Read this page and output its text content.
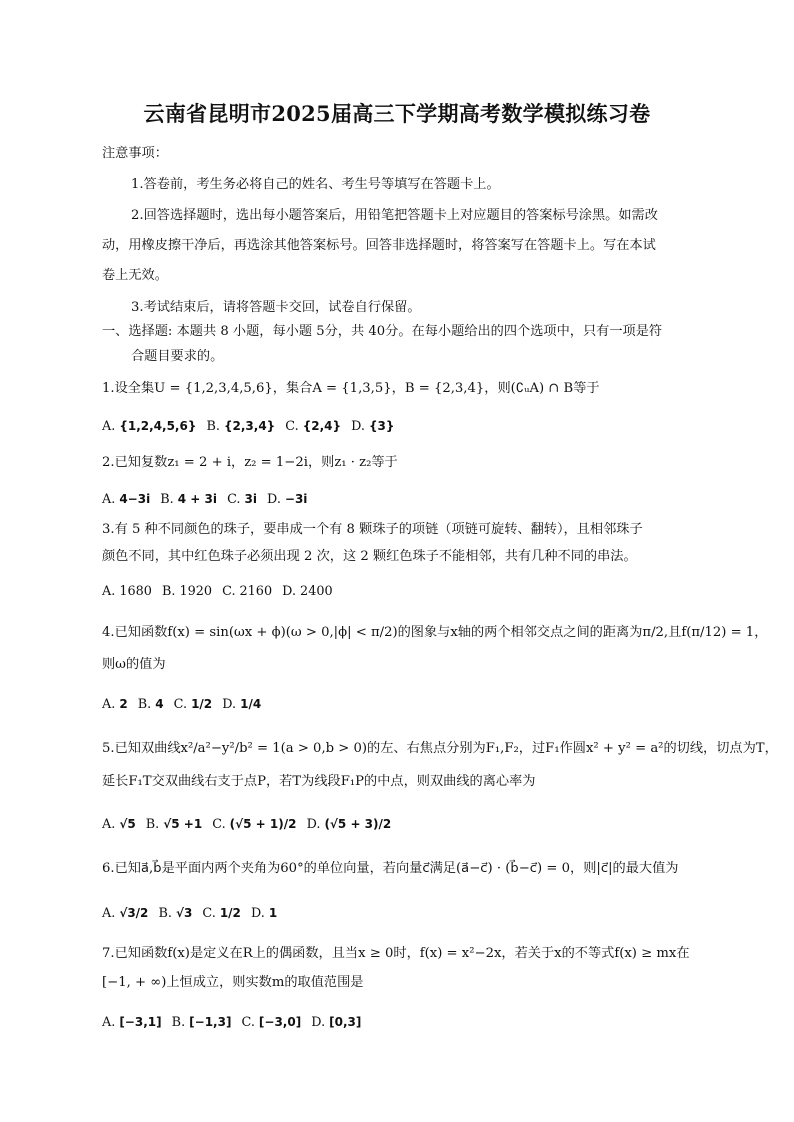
云南省昆明市2025届高三下学期高考数学模拟练习卷
注意事项：
1.答卷前，考生务必将自己的姓名、考生号等填写在答题卡上。
2.回答选择题时，选出每小题答案后，用铅笔把答题卡上对应题目的答案标号涂黑。如需改
动，用橡皮擦干净后，再选涂其他答案标号。回答非选择题时，将答案写在答题卡上。写在本试
卷上无效。
3.考试结束后，请将答题卡交回，试卷自行保留。
一、选择题: 本题共 8 小题，每小题 5分，共 40分。在每小题给出的四个选项中，只有一项是符
合题目要求的。
1.设全集U = {1,2,3,4,5,6}，集合A = {1,3,5}，B = {2,3,4}，则(∁ᵤA) ∩ B等于
A. {1,2,4,5,6} B. {2,3,4} C. {2,4} D. {3}
2.已知复数z₁ = 2 + i，z₂ = 1−2i，则z₁ · z₂等于
A. 4−3i B. 4 + 3i C. 3i D. −3i
3.有 5 种不同颜色的珠子，要串成一个有 8 颗珠子的项链（项链可旋转、翻转），且相邻珠子
颜色不同，其中红色珠子必须出现 2 次，这 2 颗红色珠子不能相邻，共有几种不同的串法。
A. 1680 B. 1920 C. 2160 D. 2400
4.已知函数f(x) = sin(ωx + ϕ)(ω > 0,|ϕ| < π/2)的图象与x轴的两个相邻交点之间的距离为π/2,且f(π/12) = 1，
则ω的值为
A. 2 B. 4 C. 1/2 D. 1/4
5.已知双曲线x²/a²−y²/b² = 1(a > 0,b > 0)的左、右焦点分别为F₁,F₂，过F₁作圆x² + y² = a²的切线，切点为T，
延长F₁T交双曲线右支于点P，若T为线段F₁P的中点，则双曲线的离心率为
A. √5 B. √5 +1 C. (√5 + 1)/2 D. (√5 + 3)/2
6.已知a⃗,b⃗是平面内两个夹角为60°的单位向量，若向量c⃗满足(a⃗−c⃗) · (b⃗−c⃗) = 0，则|c⃗|的最大值为
A. √3/2 B. √3 C. 1/2 D. 1
7.已知函数f(x)是定义在R上的偶函数，且当x ≥ 0时，f(x) = x²−2x，若关于x的不等式f(x) ≥ mx在
[−1, + ∞)上恒成立，则实数m的取值范围是
A. [−3,1] B. [−1,3] C. [−3,0] D. [0,3]
